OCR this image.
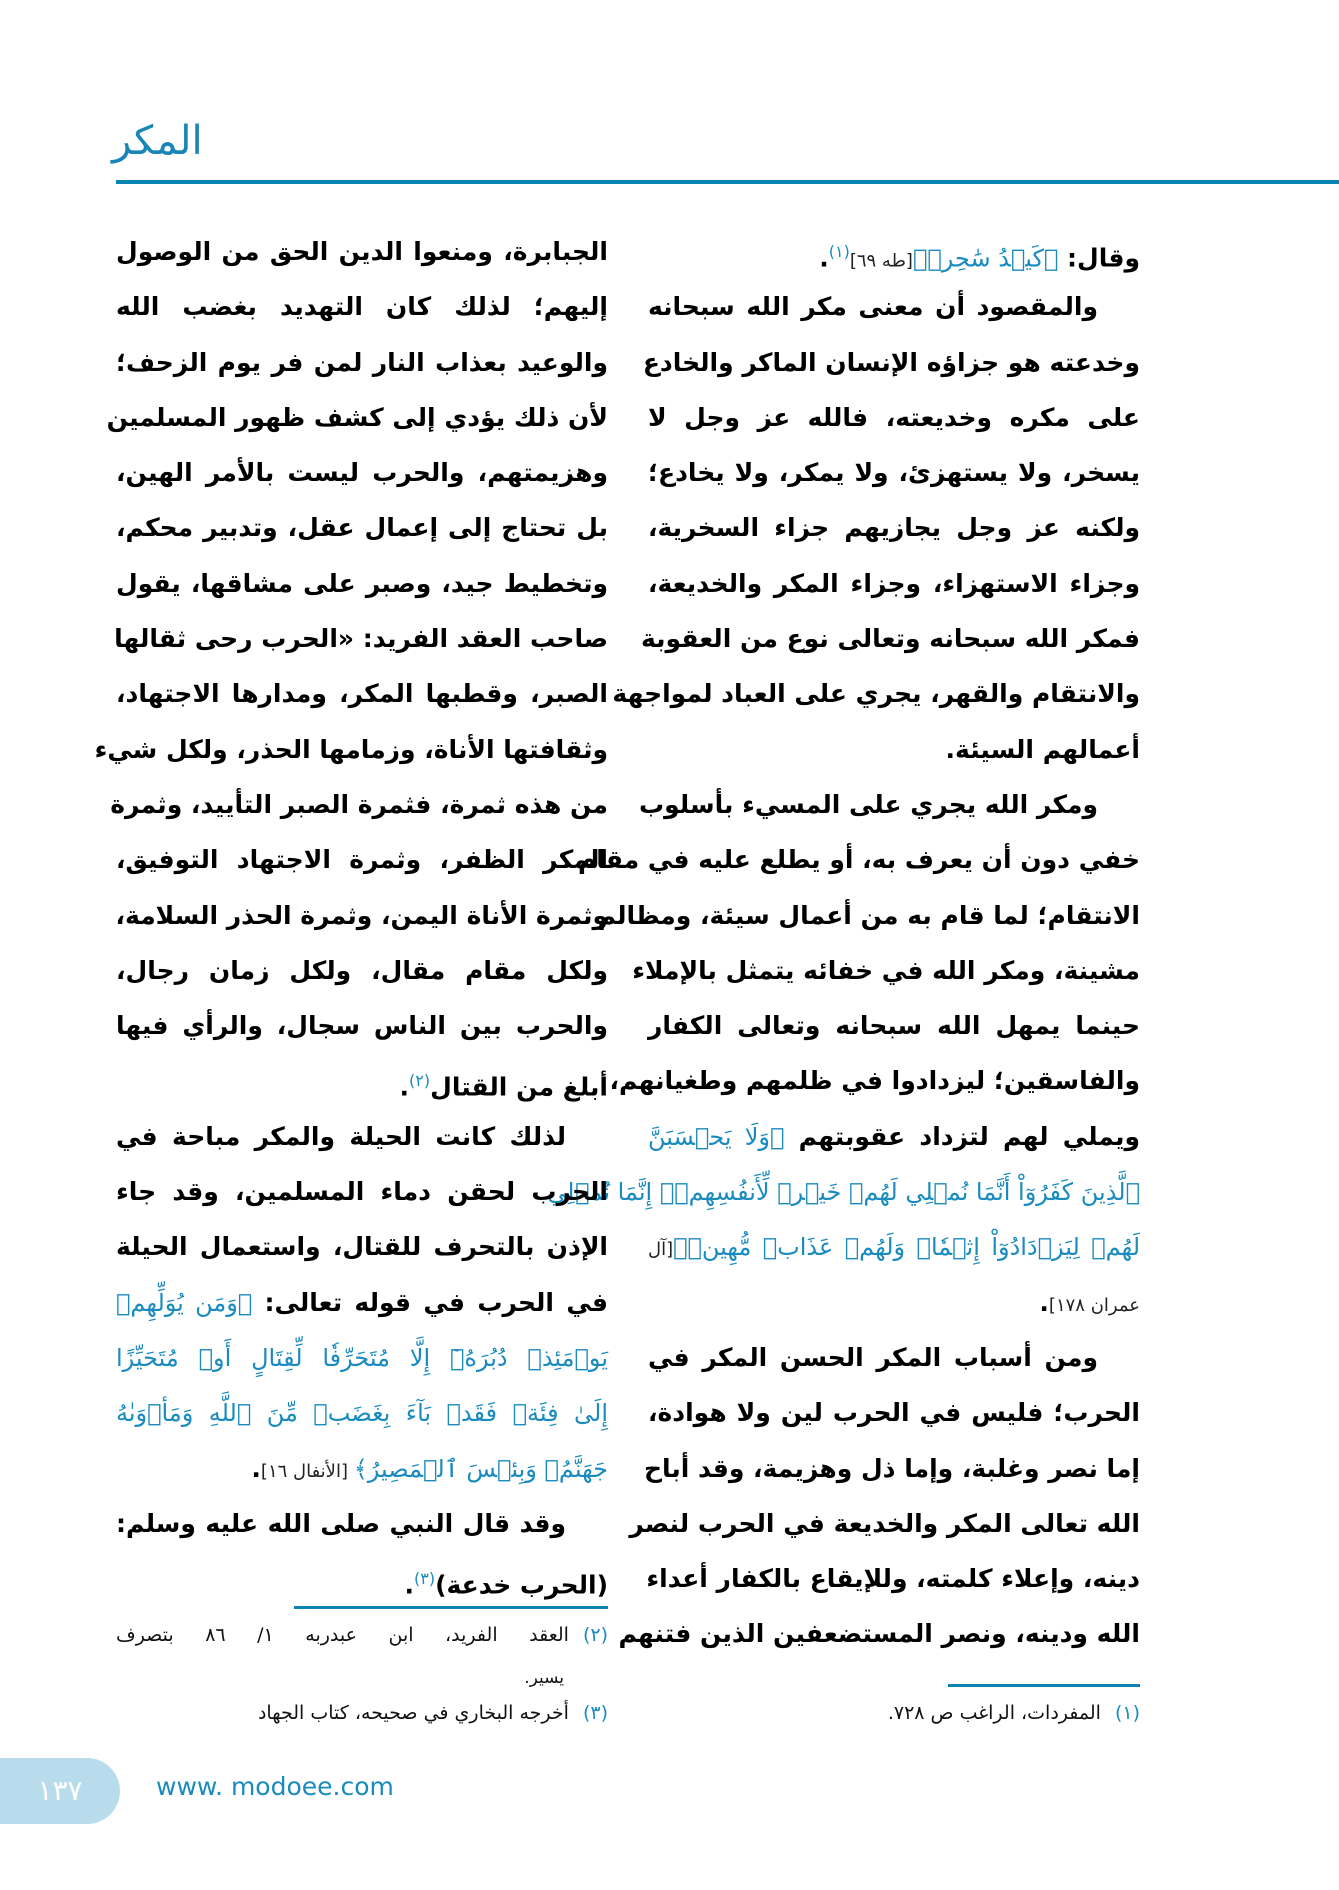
المكر
وقال: ﴿كَيۡدُ سَٰحِرٖ﴾[طه ٦٩]$^{(١)}$.
والمقصود أن معنى مكر الله سبحانه
وخدعته هو جزاؤه الإنسان الماكر والخادع
على مكره وخديعته، فالله عز وجل لا
يسخر، ولا يستهزئ، ولا يمكر، ولا يخادع؛
ولكنه عز وجل يجازيهم جزاء السخرية،
وجزاء الاستهزاء، وجزاء المكر والخديعة،
فمكر الله سبحانه وتعالى نوع من العقوبة
والانتقام والقهر، يجري على العباد لمواجهة
أعمالهم السيئة.
ومكر الله يجري على المسيء بأسلوب
خفي دون أن يعرف به، أو يطلع عليه في مقام
الانتقام؛ لما قام به من أعمال سيئة، ومظالم
مشينة، ومكر الله في خفائه يتمثل بالإملاء
حينما يمهل الله سبحانه وتعالى الكفار
والفاسقين؛ ليزدادوا في ظلمهم وطغيانهم،
ويملي لهم لتزداد عقوبتهم ﴿وَلَا يَحۡسَبَنَّ
ٱلَّذِينَ كَفَرُوٓاْ أَنَّمَا نُمۡلِي لَهُمۡ خَيۡرٞ لِّأَنفُسِهِمۡۚ إِنَّمَا نُمۡلِي
لَهُمۡ لِيَزۡدَادُوٓاْ إِثۡمٗاۚ وَلَهُمۡ عَذَابٞ مُّهِينٞ﴾[آل
عمران ١٧٨].
ومن أسباب المكر الحسن المكر في
الحرب؛ فليس في الحرب لين ولا هوادة،
إما نصر وغلبة، وإما ذل وهزيمة، وقد أباح
الله تعالى المكر والخديعة في الحرب لنصر
دينه، وإعلاء كلمته، وللإيقاع بالكفار أعداء
الله ودينه، ونصر المستضعفين الذين فتنهم
الجبابرة، ومنعوا الدين الحق من الوصول
إليهم؛ لذلك كان التهديد بغضب الله
والوعيد بعذاب النار لمن فر يوم الزحف؛
لأن ذلك يؤدي إلى كشف ظهور المسلمين
وهزيمتهم، والحرب ليست بالأمر الهين،
بل تحتاج إلى إعمال عقل، وتدبير محكم،
وتخطيط جيد، وصبر على مشاقها، يقول
صاحب العقد الفريد: «الحرب رحى ثقالها
الصبر، وقطبها المكر، ومدارها الاجتهاد،
وثقافتها الأناة، وزمامها الحذر، ولكل شيء
من هذه ثمرة، فثمرة الصبر التأييد، وثمرة
المكر الظفر، وثمرة الاجتهاد التوفيق،
وثمرة الأناة اليمن، وثمرة الحذر السلامة،
ولكل مقام مقال، ولكل زمان رجال،
والحرب بين الناس سجال، والرأي فيها
أبلغ من القتال$^{(٢)}$.
لذلك كانت الحيلة والمكر مباحة في
الحرب لحقن دماء المسلمين، وقد جاء
الإذن بالتحرف للقتال، واستعمال الحيلة
في الحرب في قوله تعالى: ﴿وَمَن يُوَلِّهِمۡ
يَوۡمَئِذٖ دُبُرَهُۥٓ إِلَّا مُتَحَرِّفٗا لِّقِتَالٍ أَوۡ مُتَحَيِّزًا
إِلَىٰ فِئَةٖ فَقَدۡ بَآءَ بِغَضَبٖ مِّنَ ٱللَّهِ وَمَأۡوَىٰهُ
جَهَنَّمُۖ وَبِئۡسَ ٱلۡمَصِيرُ﴾ [الأنفال ١٦].
وقد قال النبي صلى الله عليه وسلم:
(الحرب خدعة)$^{(٣)}$.
(١)المفردات، الراغب ص ٧٢٨.
(٢)العقد الفريد، ابن عبدربه ١/ ٨٦ بتصرف
يسير.
(٣)أخرجه البخاري في صحيحه، كتاب الجهاد
١٣٧	www. modoee.com
